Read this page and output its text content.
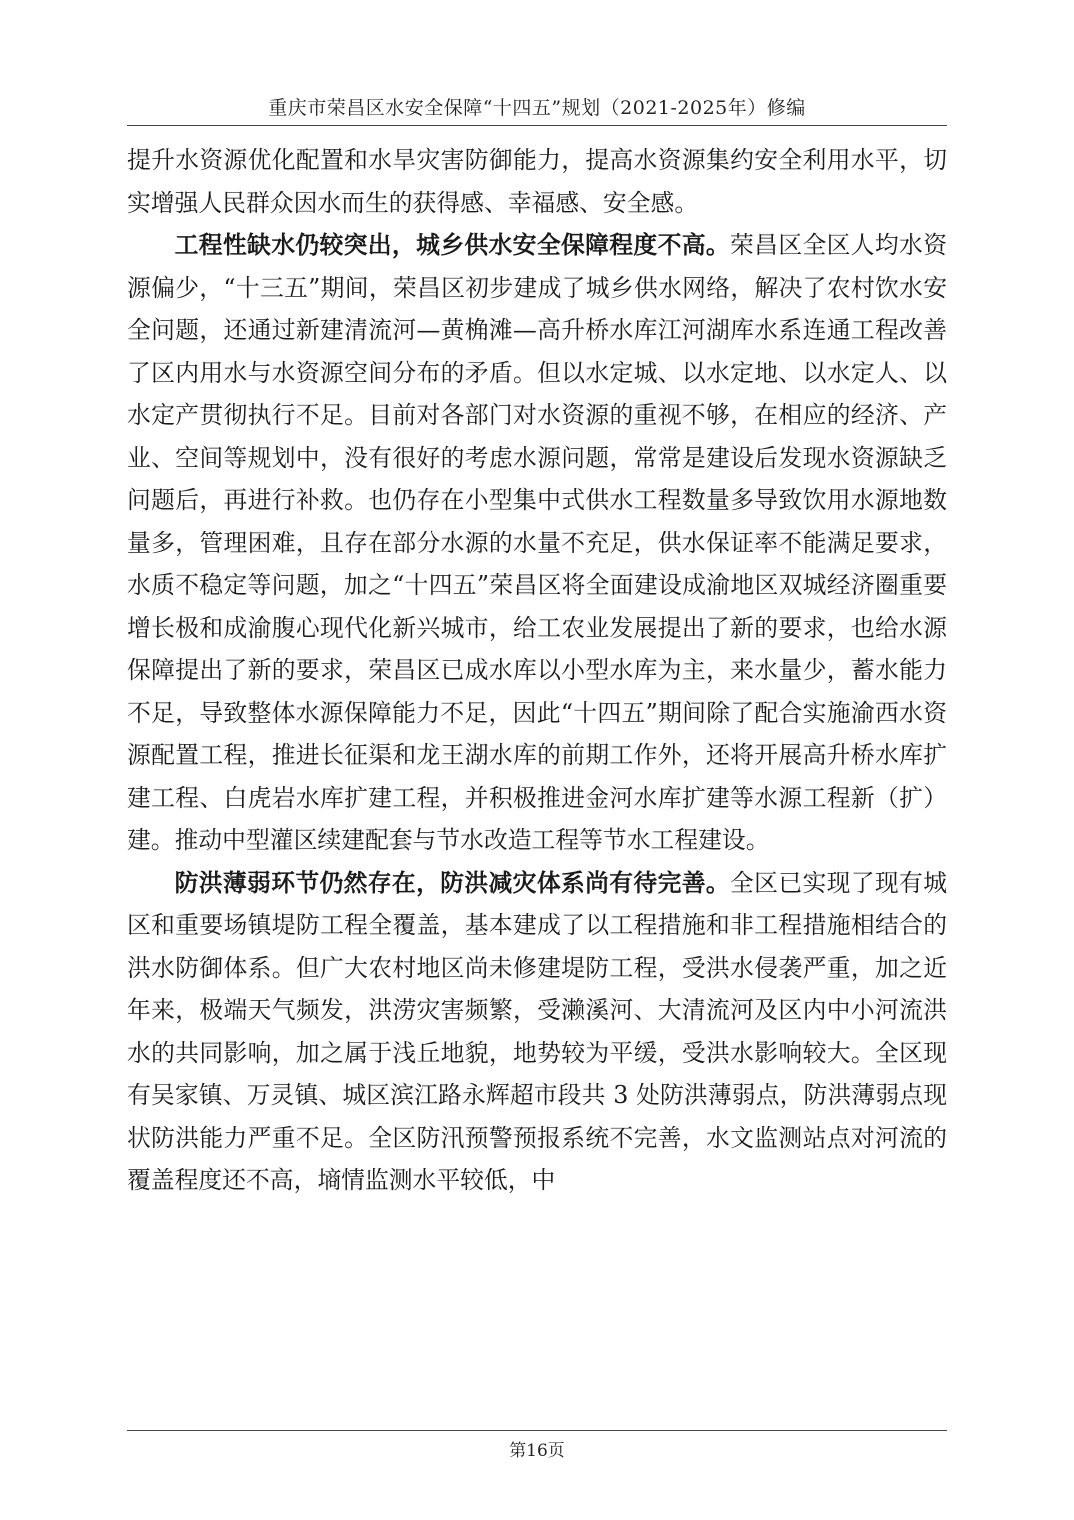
重庆市荣昌区水安全保障“十四五”规划（2021-2025年）修编

提升水资源优化配置和水旱灾害防御能力，提高水资源集约安全利用水平，切实增强人民群众因水而生的获得感、幸福感、安全感。

工程性缺水仍较突出，城乡供水安全保障程度不高。荣昌区全区人均水资源偏少，“十三五”期间，荣昌区初步建成了城乡供水网络，解决了农村饮水安全问题，还通过新建清流河—黄桷滩—高升桥水库江河湖库水系连通工程改善了区内用水与水资源空间分布的矛盾。但以水定城、以水定地、以水定人、以水定产贯彻执行不足。目前对各部门对水资源的重视不够，在相应的经济、产业、空间等规划中，没有很好的考虑水源问题，常常是建设后发现水资源缺乏问题后，再进行补救。也仍存在小型集中式供水工程数量多导致饮用水源地数量多，管理困难，且存在部分水源的水量不充足，供水保证率不能满足要求，水质不稳定等问题，加之“十四五”荣昌区将全面建设成渝地区双城经济圈重要增长极和成渝腹心现代化新兴城市，给工农业发展提出了新的要求，也给水源保障提出了新的要求，荣昌区已成水库以小型水库为主，来水量少，蓄水能力不足，导致整体水源保障能力不足，因此“十四五”期间除了配合实施渝西水资源配置工程，推进长征渠和龙王湖水库的前期工作外，还将开展高升桥水库扩建工程、白虎岩水库扩建工程，并积极推进金河水库扩建等水源工程新（扩）建。推动中型灌区续建配套与节水改造工程等节水工程建设。

防洪薄弱环节仍然存在，防洪减灾体系尚有待完善。全区已实现了现有城区和重要场镇堤防工程全覆盖，基本建成了以工程措施和非工程措施相结合的洪水防御体系。但广大农村地区尚未修建堤防工程，受洪水侵袭严重，加之近年来，极端天气频发，洪涝灾害频繁，受濑溪河、大清流河及区内中小河流洪水的共同影响，加之属于浅丘地貌，地势较为平缓，受洪水影响较大。全区现有吴家镇、万灵镇、城区滨江路永辉超市段共 3 处防洪薄弱点，防洪薄弱点现状防洪能力严重不足。全区防汛预警预报系统不完善，水文监测站点对河流的覆盖程度还不高，墒情监测水平较低，中

第16页
